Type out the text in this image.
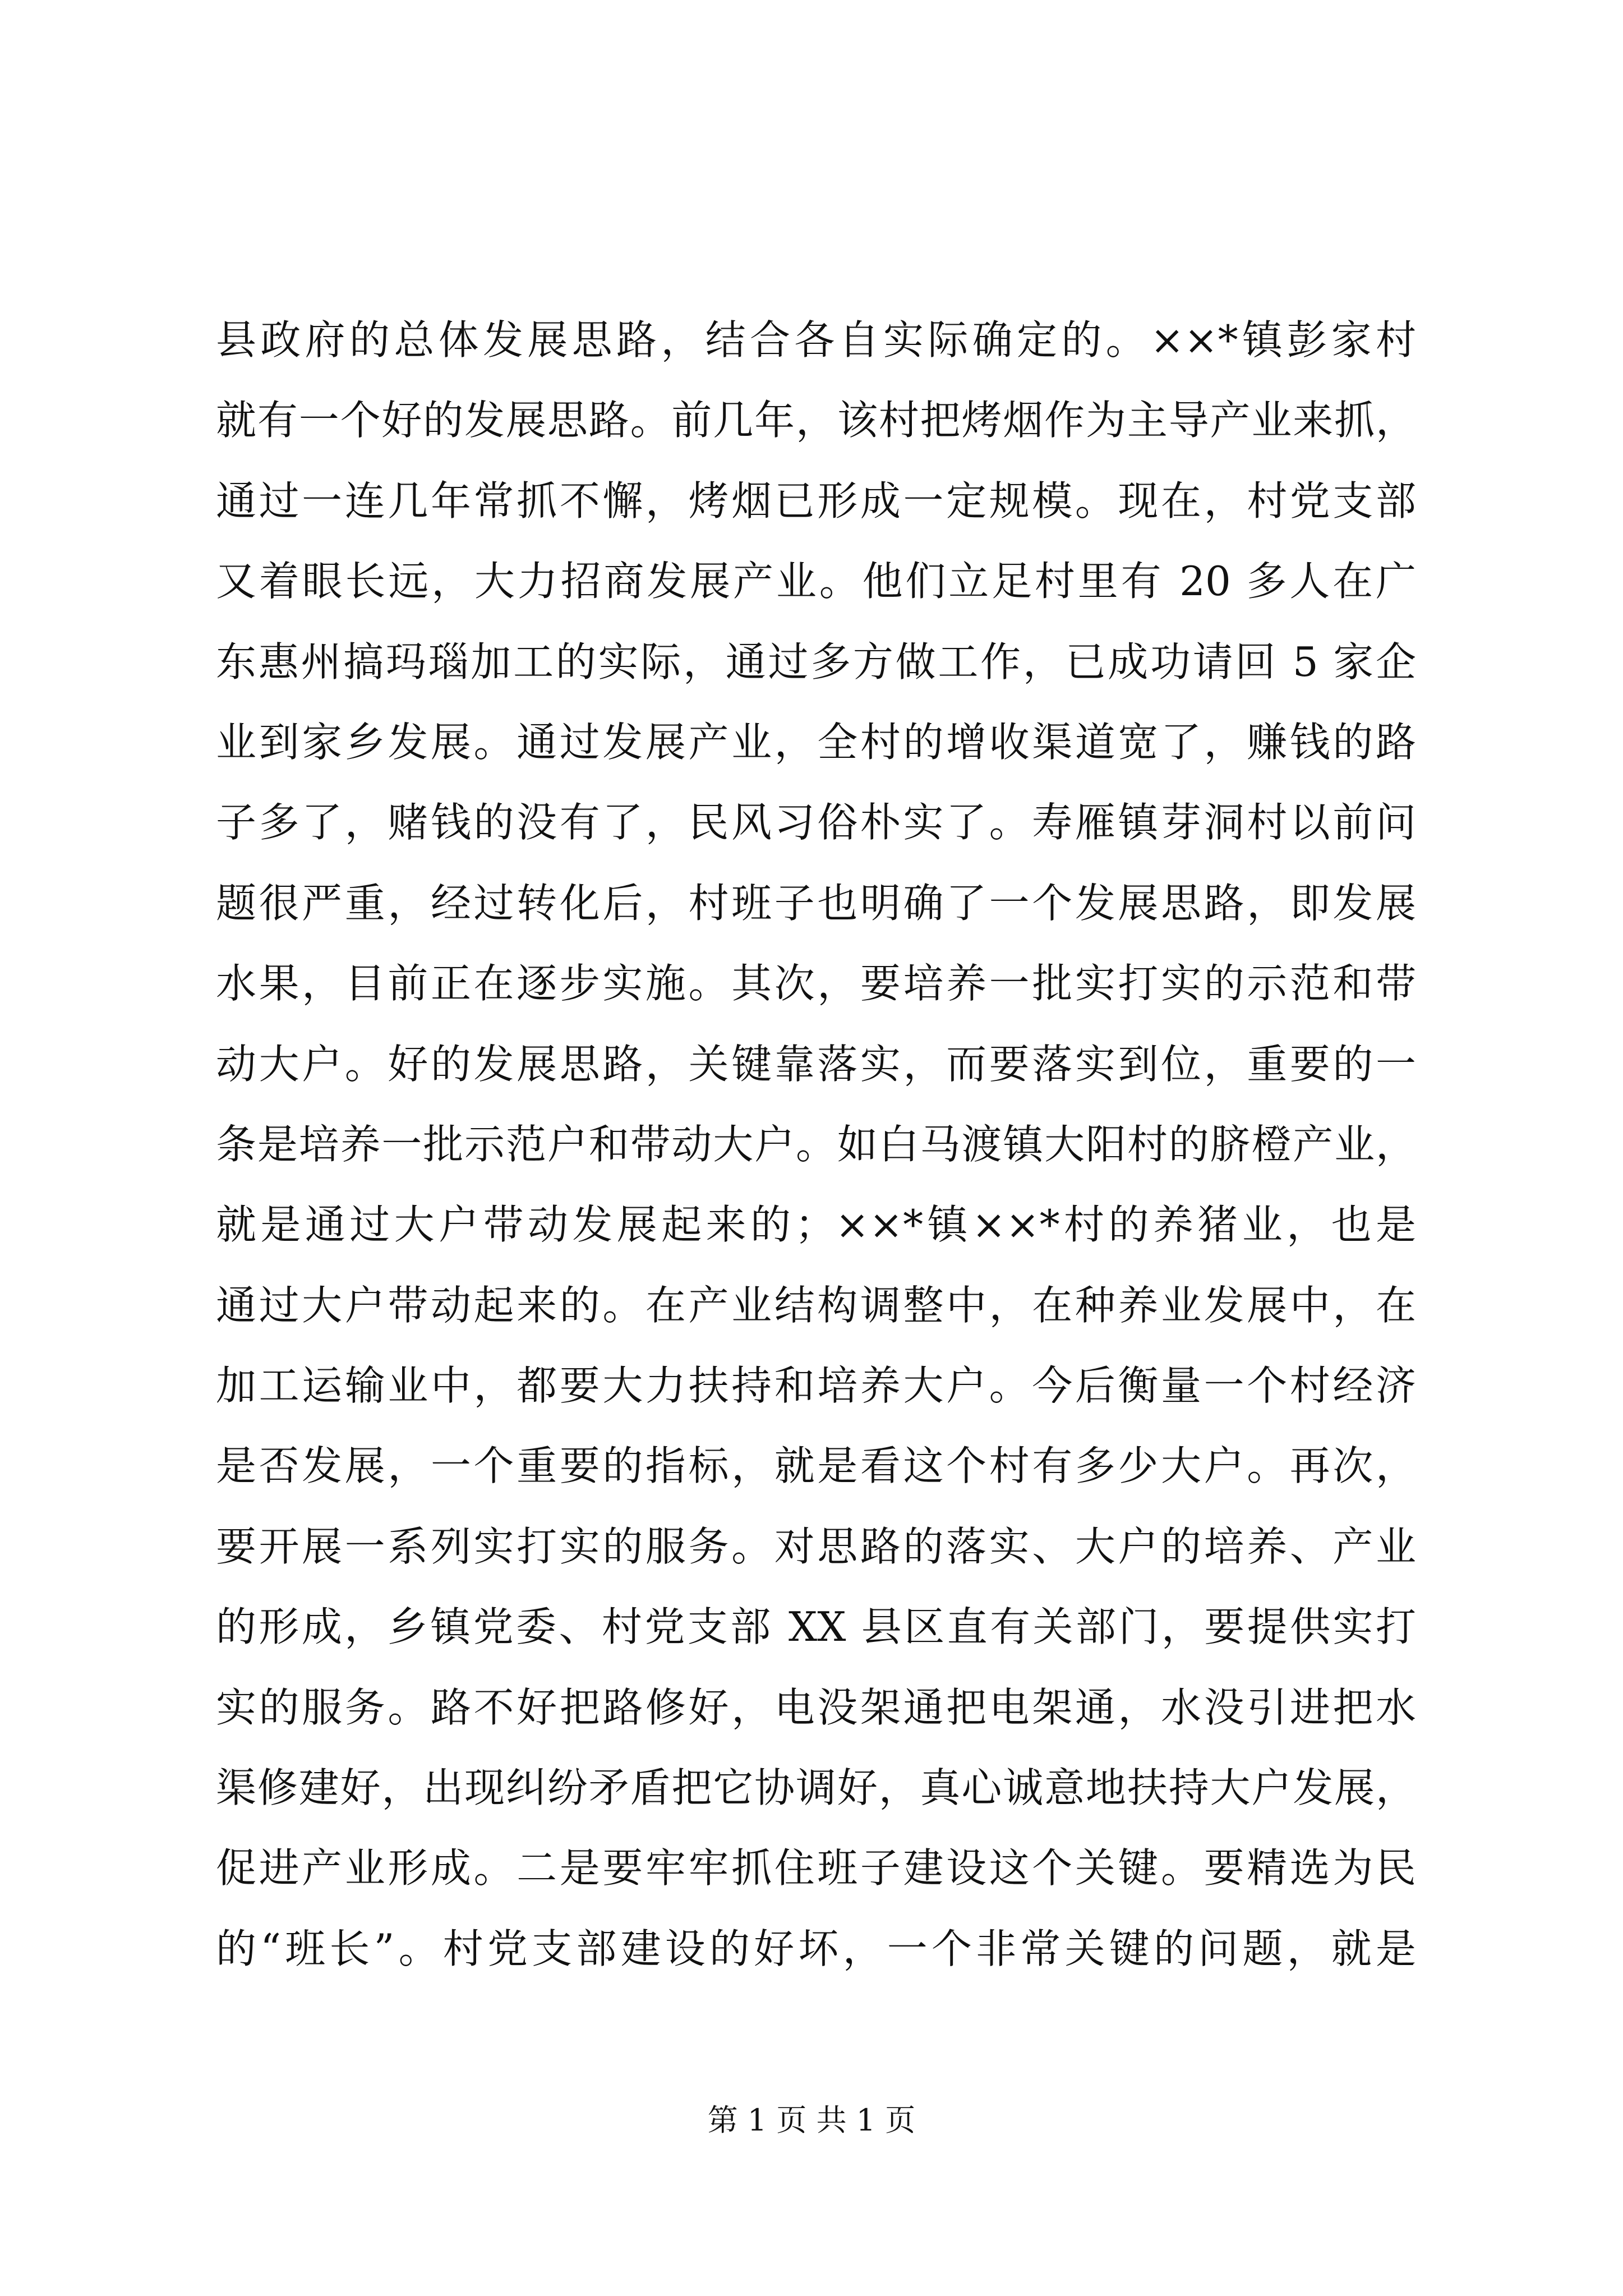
县政府的总体发展思路，结合各自实际确定的。××*镇彭家村
就有一个好的发展思路。前几年，该村把烤烟作为主导产业来抓，
通过一连几年常抓不懈，烤烟已形成一定规模。现在，村党支部
又着眼长远，大力招商发展产业。他们立足村里有 20 多人在广
东惠州搞玛瑙加工的实际，通过多方做工作，已成功请回 5 家企
业到家乡发展。通过发展产业，全村的增收渠道宽了，赚钱的路
子多了，赌钱的没有了，民风习俗朴实了。寿雁镇芽洞村以前问
题很严重，经过转化后，村班子也明确了一个发展思路，即发展
水果，目前正在逐步实施。其次，要培养一批实打实的示范和带
动大户。好的发展思路，关键靠落实，而要落实到位，重要的一
条是培养一批示范户和带动大户。如白马渡镇大阳村的脐橙产业，
就是通过大户带动发展起来的；××*镇××*村的养猪业，也是
通过大户带动起来的。在产业结构调整中，在种养业发展中，在
加工运输业中，都要大力扶持和培养大户。今后衡量一个村经济
是否发展，一个重要的指标，就是看这个村有多少大户。再次，
要开展一系列实打实的服务。对思路的落实、大户的培养、产业
的形成，乡镇党委、村党支部 XX 县区直有关部门，要提供实打
实的服务。路不好把路修好，电没架通把电架通，水没引进把水
渠修建好，出现纠纷矛盾把它协调好，真心诚意地扶持大户发展，
促进产业形成。二是要牢牢抓住班子建设这个关键。要精选为民
的“班长”。村党支部建设的好坏，一个非常关键的问题，就是
第 1 页 共 1 页
